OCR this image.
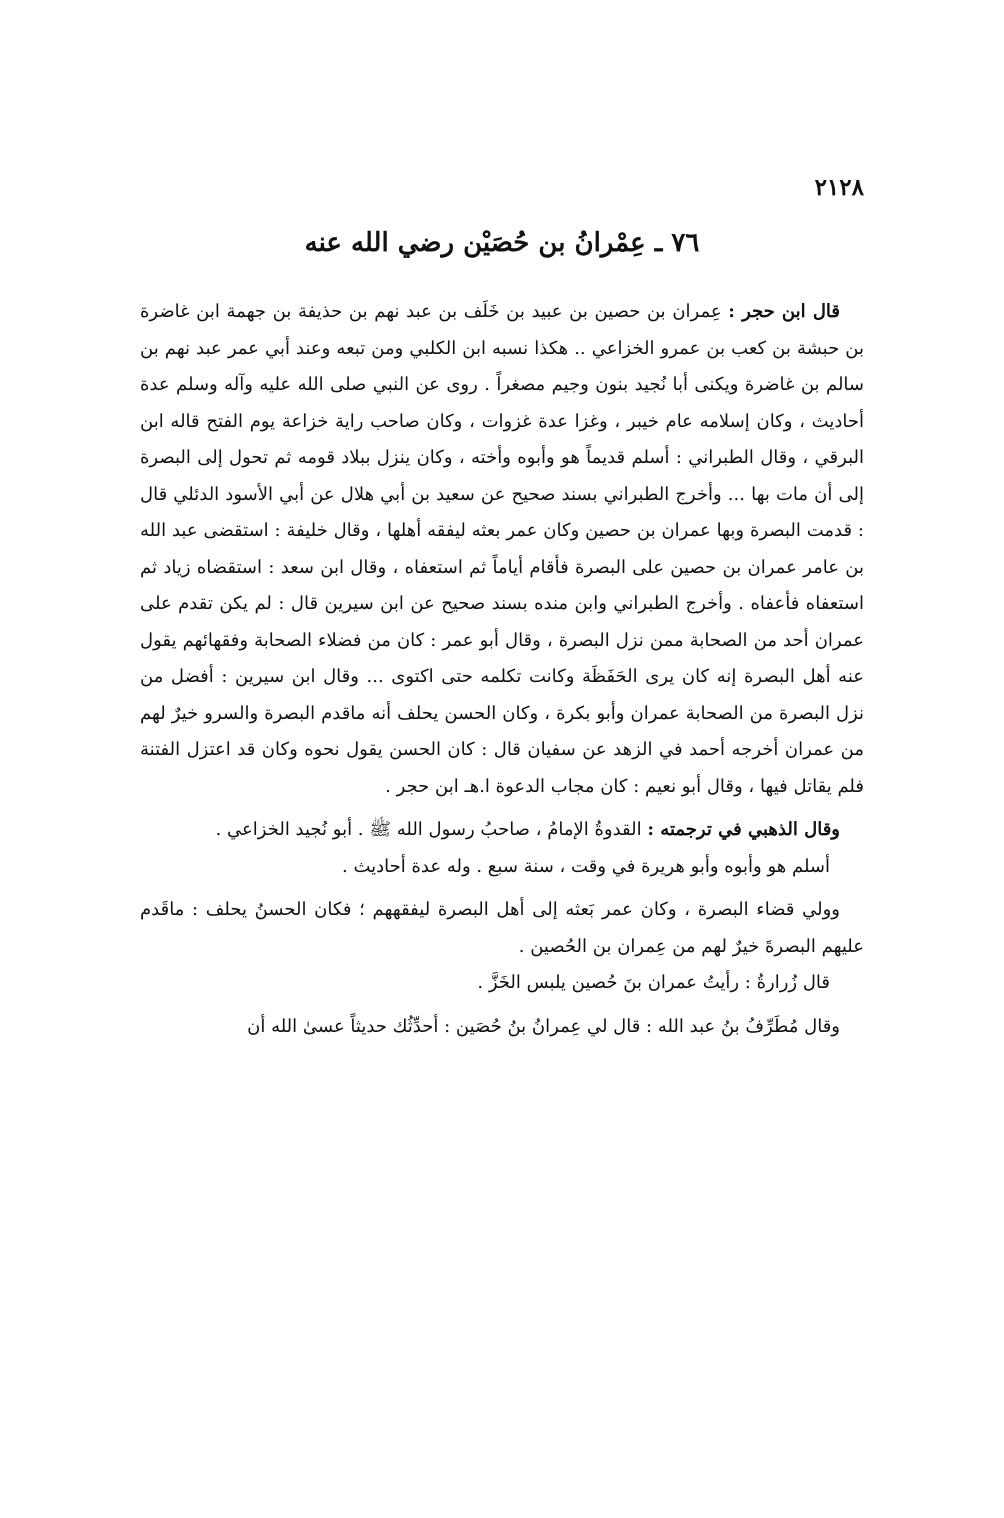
٢١٢٨
٧٦ ـ عِمْرانُ بن حُصَيْن رضي الله عنه

قال ابن حجر : عِمران بن حصين بن عبيد بن خَلَف بن عبد نهم بن حذيفة بن جهمة ابن غاضرة بن حبشة بن كعب بن عمرو الخزاعي .. هكذا نسبه ابن الكلبي ومن تبعه وعند أبي عمر عبد نهم بن سالم بن غاضرة ويكنى أبا نُجيد بنون وجيم مصغراً . روى عن النبي صلى الله عليه وآله وسلم عدة أحاديث ، وكان إسلامه عام خيبر ، وغزا عدة غزوات ، وكان صاحب راية خزاعة يوم الفتح قاله ابن البرقي ، وقال الطبراني : أسلم قديماً هو وأبوه وأخته ، وكان ينزل ببلاد قومه ثم تحول إلى البصرة إلى أن مات بها ... وأخرج الطبراني بسند صحيح عن سعيد بن أبي هلال عن أبي الأسود الدئلي قال : قدمت البصرة وبها عمران بن حصين وكان عمر بعثه ليفقه أهلها ، وقال خليفة : استقضى عبد الله بن عامر عمران بن حصين على البصرة فأقام أياماً ثم استعفاه ، وقال ابن سعد : استقضاه زياد ثم استعفاه فأعفاه . وأخرج الطبراني وابن منده بسند صحيح عن ابن سيرين قال : لم يكن تقدم على عمران أحد من الصحابة ممن نزل البصرة ، وقال أبو عمر : كان من فضلاء الصحابة وفقهائهم يقول عنه أهل البصرة إنه كان يرى الحَفَظَة وكانت تكلمه حتى اكتوى ... وقال ابن سيرين : أفضل من نزل البصرة من الصحابة عمران وأبو بكرة ، وكان الحسن يحلف أنه ماقدم البصرة والسرو خيرٌ لهم من عمران أخرجه أحمد في الزهد عن سفيان قال : كان الحسن يقول نحوه وكان قد اعتزل الفتنة فلم يقاتل فيها ، وقال أبو نعيم : كان مجاب الدعوة ا.هـ ابن حجر .

وقال الذهبي في ترجمته : القدوةُ الإمامُ ، صاحبُ رسول الله ﷺ . أبو نُجيد الخزاعي .

أسلم هو وأبوه وأبو هريرة في وقت ، سنة سبع . وله عدة أحاديث .

وولي قضاء البصرة ، وكان عمر بَعثه إلى أهل البصرة ليفقههم ؛ فكان الحسنُ يحلف : ماقَدم عليهم البصرةَ خيرٌ لهم من عِمران بن الحُصين .

قال زُرارةُ : رأيتُ عمران بنَ حُصين يلبس الخَزَّ .

وقال مُطَرِّفُ بنُ عبد الله : قال لي عِمرانُ بنُ حُصَين : أحدِّثُك حديثاً عسىٰ الله أن
